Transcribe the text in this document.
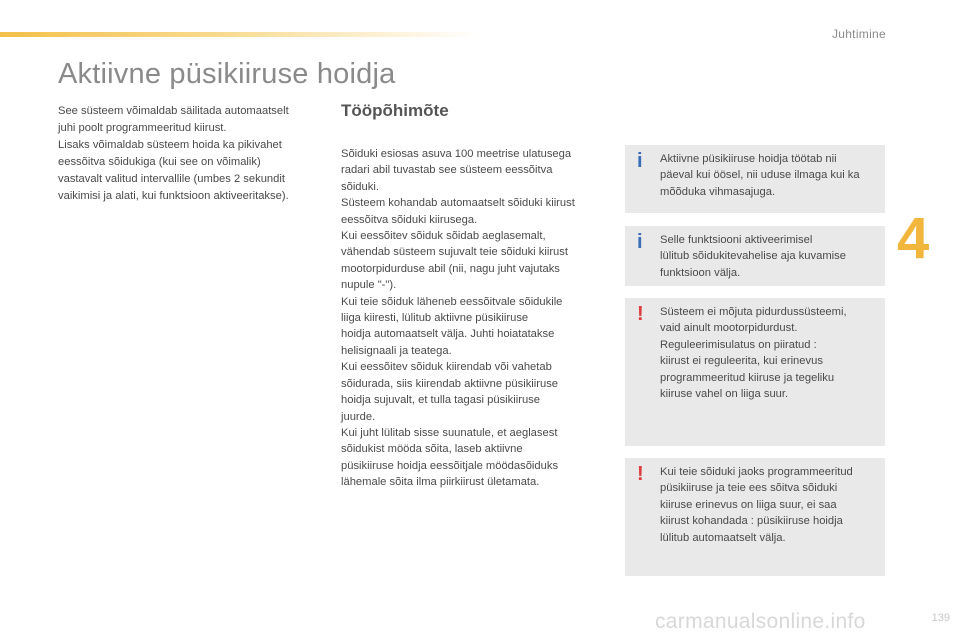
Juhtimine
4
Aktiivne püsikiiruse hoidja

See süsteem võimaldab säilitada automaatselt

juhi poolt programmeeritud kiirust.

Lisaks võimaldab süsteem hoida ka pikivahet

eessõitva sõidukiga (kui see on võimalik)

vastavalt valitud intervallile (umbes 2 sekundit

vaikimisi ja alati, kui funktsioon aktiveeritakse).

Tööpõhimõte

Sõiduki esiosas asuva 100 meetrise ulatusega

radari abil tuvastab see süsteem eessõitva

sõiduki.

Süsteem kohandab automaatselt sõiduki kiirust

eessõitva sõiduki kiirusega.

Kui eessõitev sõiduk sõidab aeglasemalt,

vähendab süsteem sujuvalt teie sõiduki kiirust

mootorpidurduse abil (nii, nagu juht vajutaks

nupule "-").

Kui teie sõiduk läheneb eessõitvale sõidukile

liiga kiiresti, lülitub aktiivne püsikiiruse

hoidja automaatselt välja. Juhti hoiatatakse

helisignaali ja teatega.

Kui eessõitev sõiduk kiirendab või vahetab

sõidurada, siis kiirendab aktiivne püsikiiruse

hoidja sujuvalt, et tulla tagasi püsikiiruse

juurde.

Kui juht lülitab sisse suunatule, et aeglasest

sõidukist mööda sõita, laseb aktiivne

püsikiiruse hoidja eessõitjale möödasõiduks

lähemale sõita ilma piirkiirust ületamata.

i Aktiivne püsikiiruse hoidja töötab nii

päeval kui öösel, nii uduse ilmaga kui ka

mõõduka vihmasajuga.

i Selle funktsiooni aktiveerimisel

lülitub sõidukitevahelise aja kuvamise

funktsioon välja.

! Süsteem ei mõjuta pidurdussüsteemi,

vaid ainult mootorpidurdust.

Reguleerimisulatus on piiratud :

kiirust ei reguleerita, kui erinevus

programmeeritud kiiruse ja tegeliku

kiiruse vahel on liiga suur.

! Kui teie sõiduki jaoks programmeeritud

püsikiiruse ja teie ees sõitva sõiduki

kiiruse erinevus on liiga suur, ei saa

kiirust kohandada : püsikiiruse hoidja

lülitub automaatselt välja.

carmanualsonline.info	139
